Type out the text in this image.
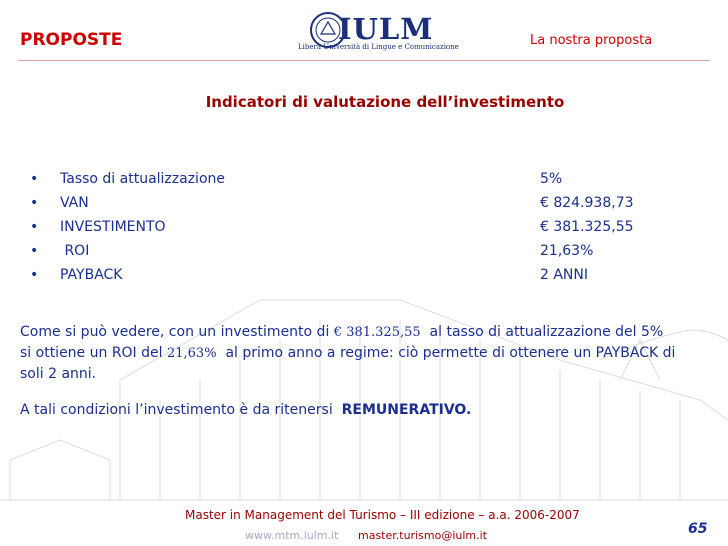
PROPOSTE	IULM
Libera Università di Lingue e Comunicazione	La nostra proposta
Indicatori di valutazione dell’investimento
• Tasso di attualizzazione	5%
• VAN	€ 824.938,73
• INVESTIMENTO	€ 381.325,55
• ROI	21,63%
• PAYBACK	2 ANNI
Come si può vedere, con un investimento di € 381.325,55  al tasso di attualizzazione del 5%
si ottiene un ROI del 21,63%  al primo anno a regime: ciò permette di ottenere un PAYBACK di
soli 2 anni.
A tali condizioni l’investimento è da ritenersi  REMUNERATIVO.
Master in Management del Turismo – III edizione – a.a. 2006-2007
www.mtm.iulm.it master.turismo@iulm.it	65
